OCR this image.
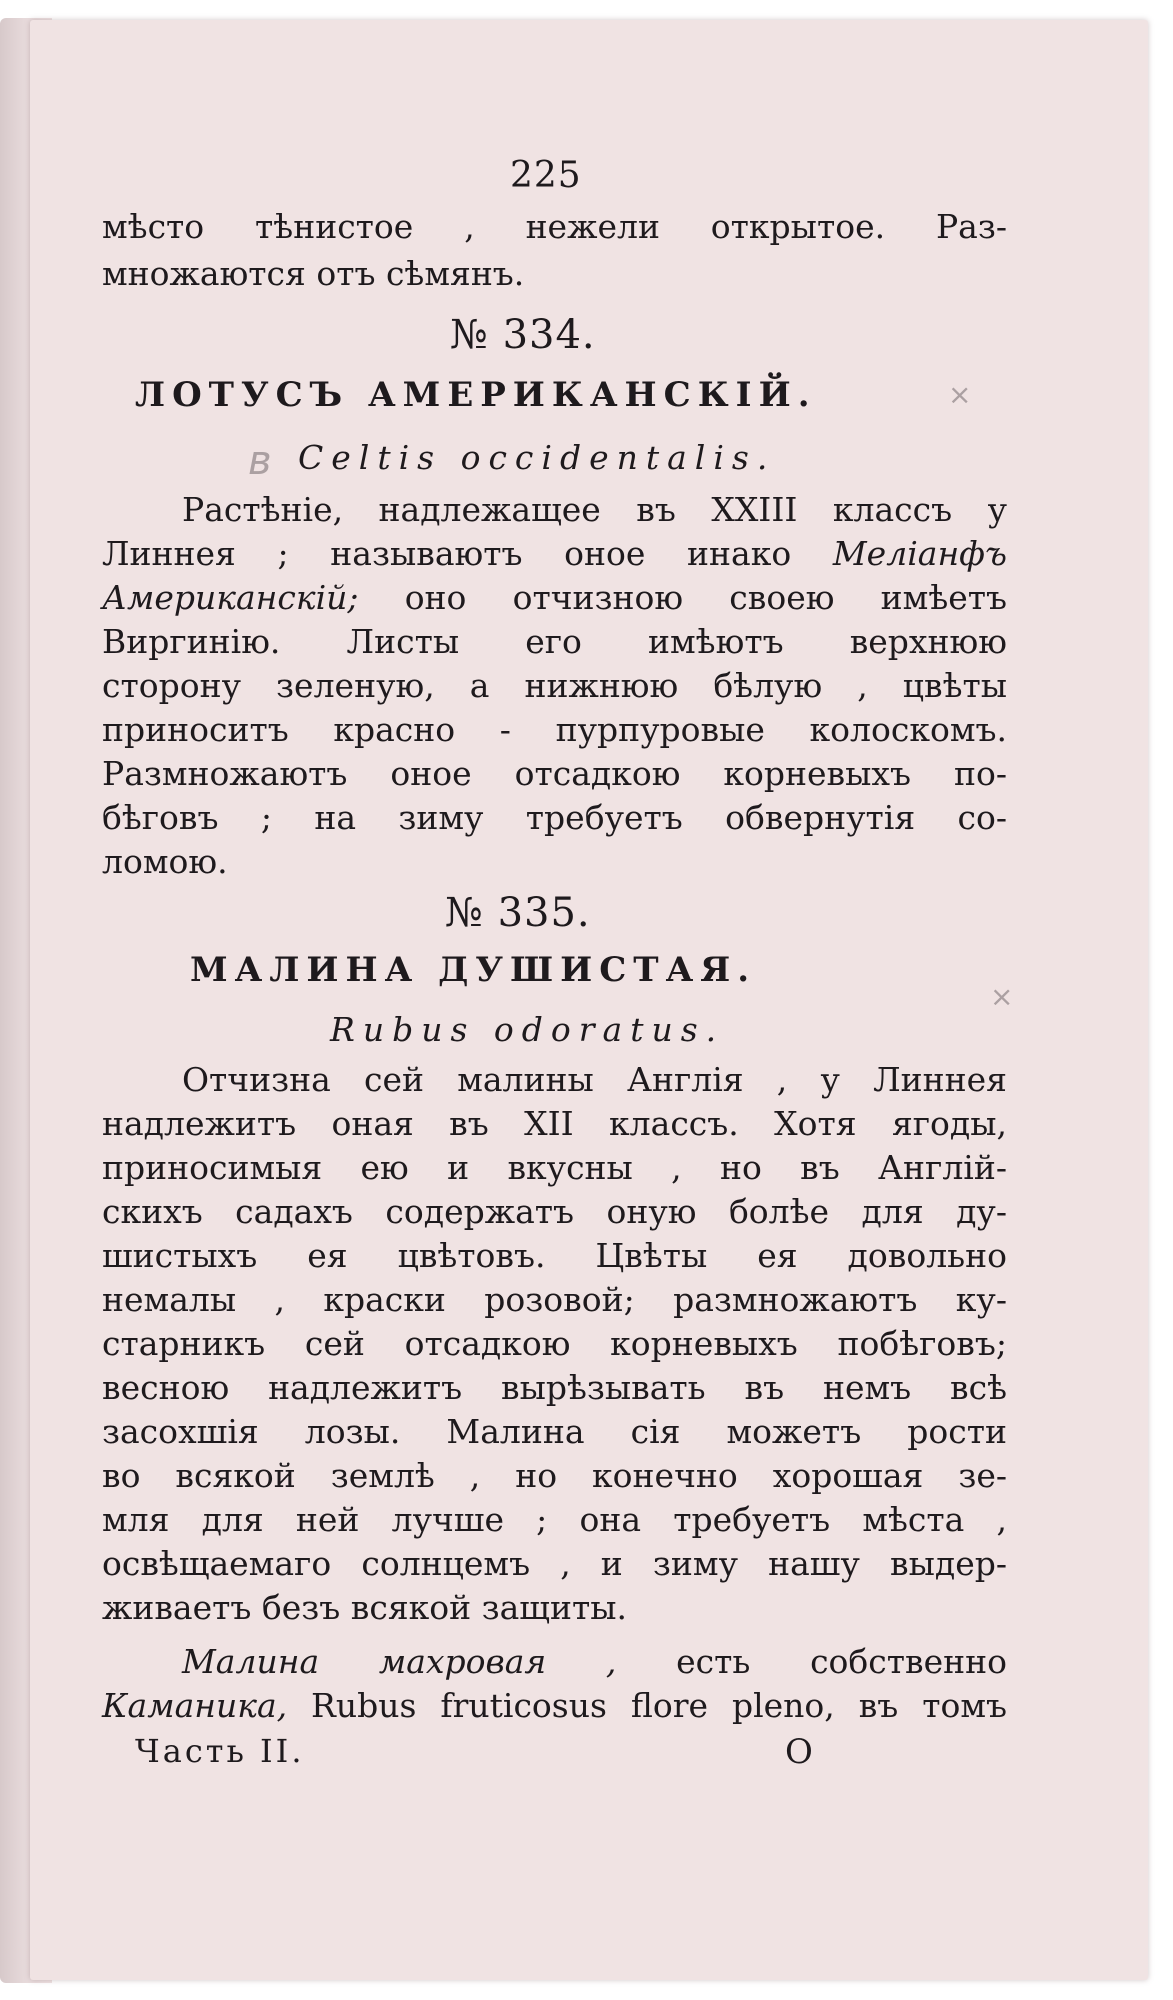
225
мѣсто тѣнистое , нежели открытое. Раз-
множаются отъ сѣмянъ.
№ 334.
ЛОТУСЪ АМЕРИКАНСКІЙ.	×
в Celtis occidentalis.
Растѣніе, надлежащее въ XXIII классъ у
Линнея ; называютъ оное инако Меліанфъ
Американскій; оно отчизною своею имѣетъ
Виргинію. Листы его имѣютъ верхнюю
сторону зеленую, а нижнюю бѣлую , цвѣты
приноситъ красно - пурпуровые колоскомъ.
Размножаютъ оное отсадкою корневыхъ по-
бѣговъ ; на зиму требуетъ обвернутія со-
ломою.
№ 335.
МАЛИНА ДУШИСТАЯ.
×
Rubus odoratus.
Отчизна сей малины Англія , у Линнея
надлежитъ оная въ XII классъ. Хотя ягоды,
приносимыя ею и вкусны , но въ Англій-
скихъ садахъ содержатъ оную болѣе для ду-
шистыхъ ея цвѣтовъ. Цвѣты ея довольно
немалы , краски розовой; размножаютъ ку-
старникъ сей отсадкою корневыхъ побѣговъ;
весною надлежитъ вырѣзывать въ немъ всѣ
засохшія лозы. Малина сія можетъ рости
во всякой землѣ , но конечно хорошая зе-
мля для ней лучше ; она требуетъ мѣста ,
освѣщаемаго солнцемъ , и зиму нашу выдер-
живаетъ безъ всякой защиты.
Малина махровая , есть собственно
Каманика, Rubus fruticosus flore pleno, въ томъ
Часть II.	О
